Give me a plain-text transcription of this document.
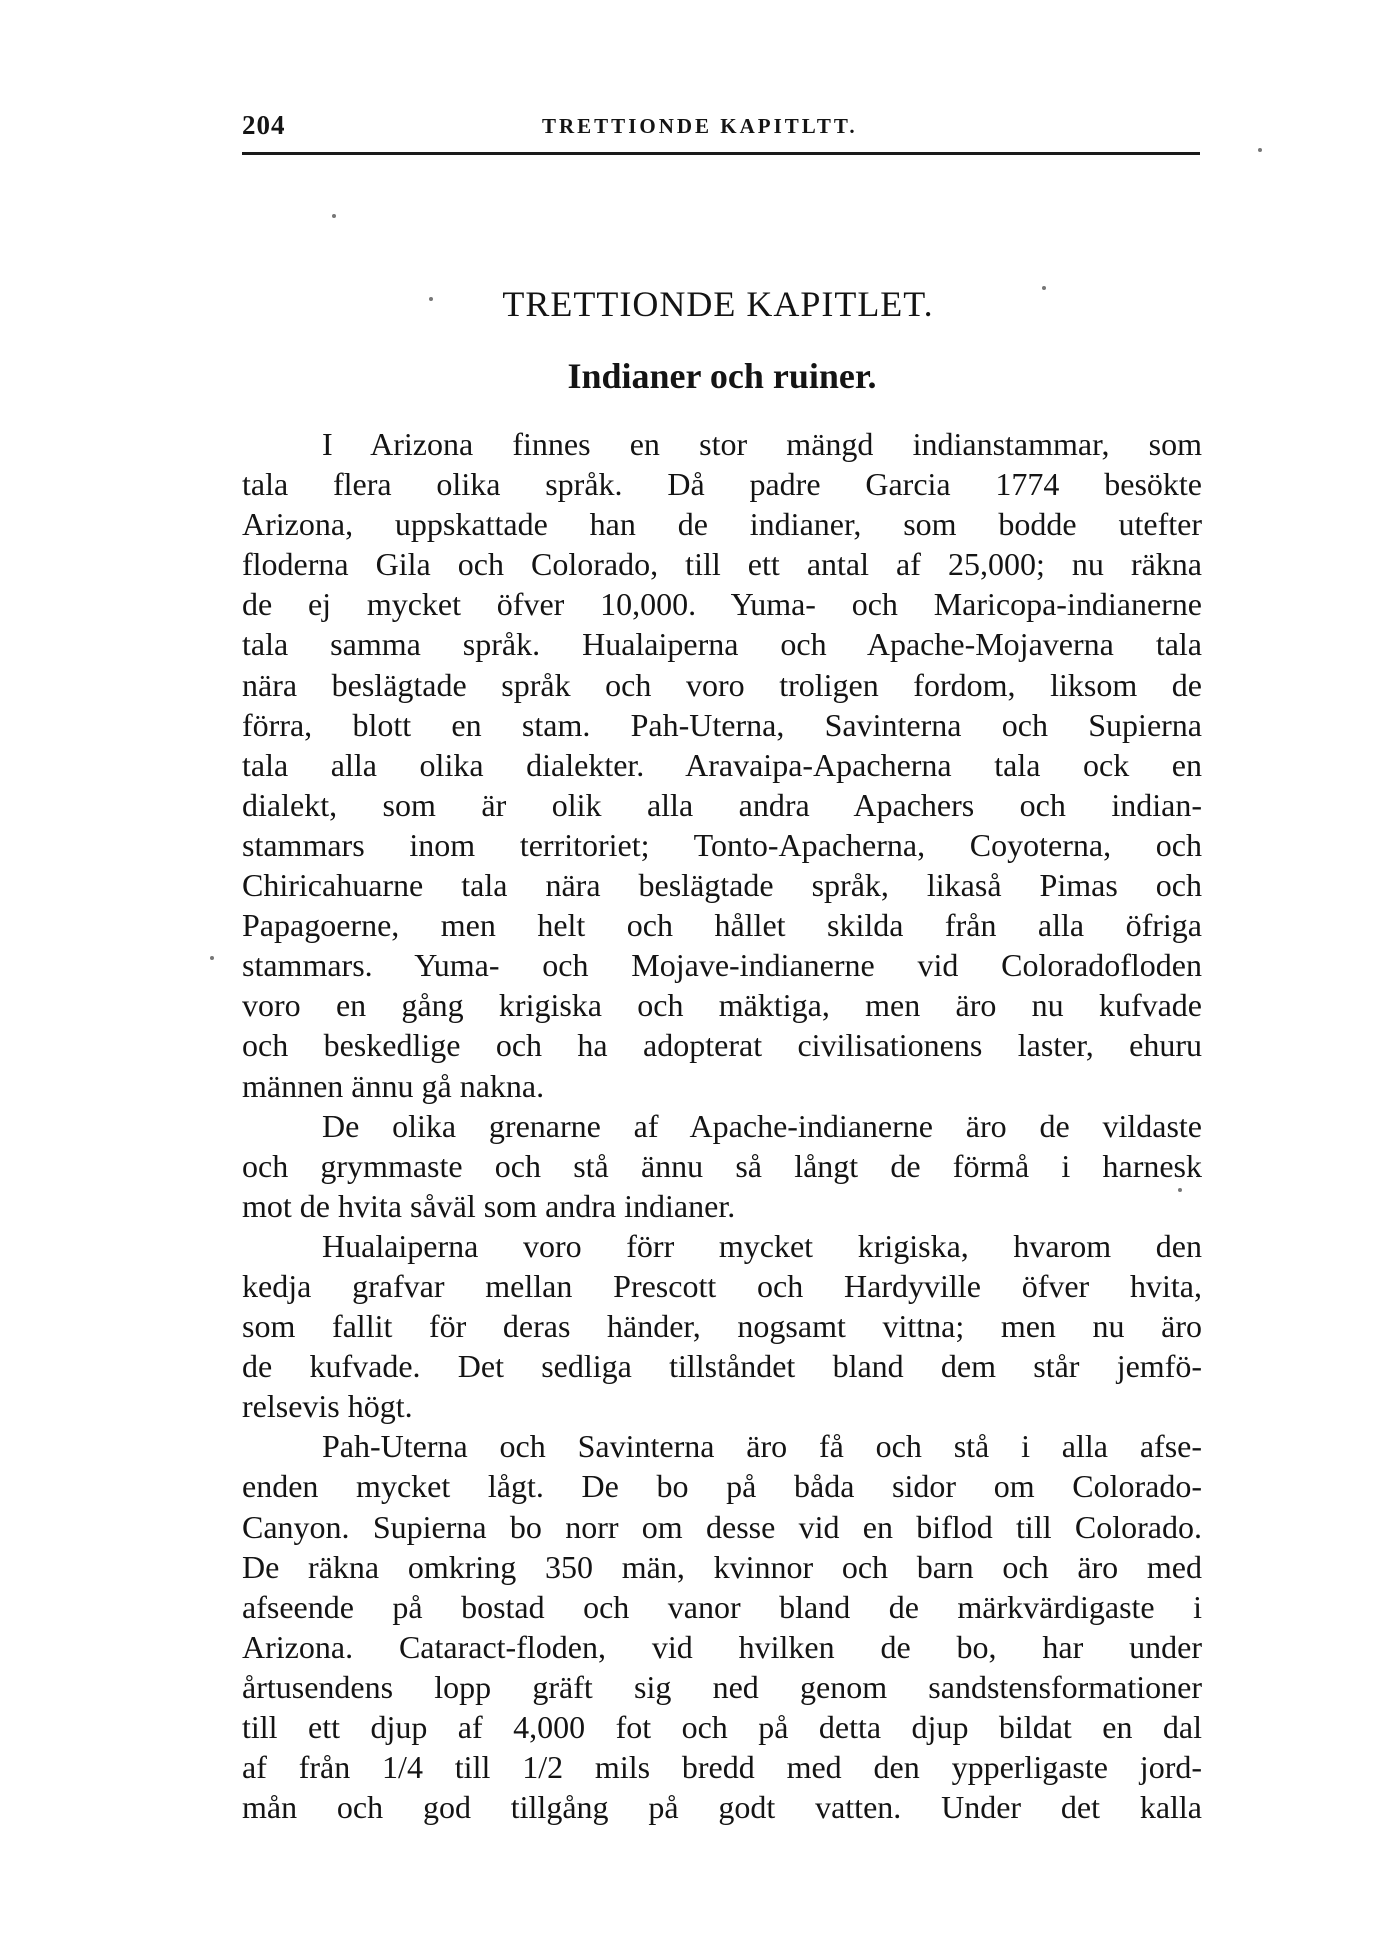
204	TRETTIONDE KAPITLTT.
TRETTIONDE KAPITLET.
Indianer och ruiner.
I Arizona finnes en stor mängd indianstammar, som
tala flera olika språk. Då padre Garcia 1774 besökte
Arizona, uppskattade han de indianer, som bodde utefter
floderna Gila och Colorado, till ett antal af 25,000; nu räkna
de ej mycket öfver 10,000. Yuma- och Maricopa-indianerne
tala samma språk. Hualaiperna och Apache-Mojaverna tala
nära beslägtade språk och voro troligen fordom, liksom de
förra, blott en stam. Pah-Uterna, Savinterna och Supierna
tala alla olika dialekter. Aravaipa-Apacherna tala ock en
dialekt, som är olik alla andra Apachers och indian-
stammars inom territoriet; Tonto-Apacherna, Coyoterna, och
Chiricahuarne tala nära beslägtade språk, likaså Pimas och
Papagoerne, men helt och hållet skilda från alla öfriga
stammars. Yuma- och Mojave-indianerne vid Coloradofloden
voro en gång krigiska och mäktiga, men äro nu kufvade
och beskedlige och ha adopterat civilisationens laster, ehuru
männen ännu gå nakna.
De olika grenarne af Apache-indianerne äro de vildaste
och grymmaste och stå ännu så långt de förmå i harnesk
mot de hvita såväl som andra indianer.
Hualaiperna voro förr mycket krigiska, hvarom den
kedja grafvar mellan Prescott och Hardyville öfver hvita,
som fallit för deras händer, nogsamt vittna; men nu äro
de kufvade. Det sedliga tillståndet bland dem står jemfö-
relsevis högt.
Pah-Uterna och Savinterna äro få och stå i alla afse-
enden mycket lågt. De bo på båda sidor om Colorado-
Canyon. Supierna bo norr om desse vid en biflod till Colorado.
De räkna omkring 350 män, kvinnor och barn och äro med
afseende på bostad och vanor bland de märkvärdigaste i
Arizona. Cataract-floden, vid hvilken de bo, har under
årtusendens lopp gräft sig ned genom sandstensformationer
till ett djup af 4,000 fot och på detta djup bildat en dal
af från 1/4 till 1/2 mils bredd med den ypperligaste jord-
mån och god tillgång på godt vatten. Under det kalla
